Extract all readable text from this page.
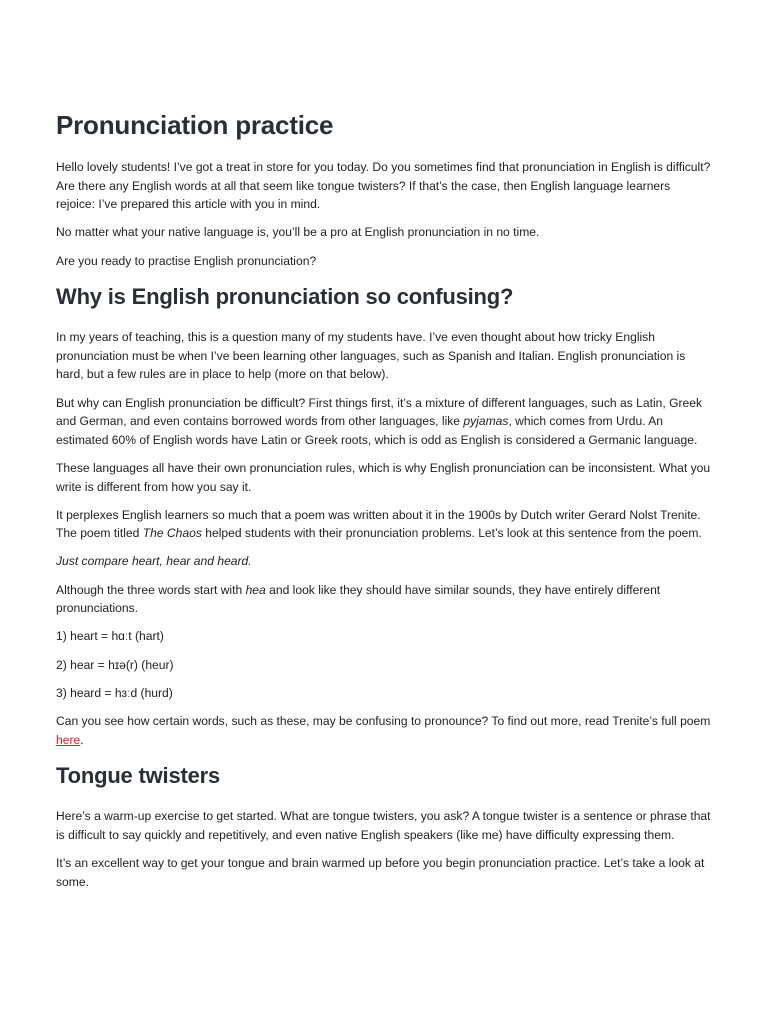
Pronunciation practice

Hello lovely students! I’ve got a treat in store for you today. Do you sometimes find that pronunciation in English is difficult? Are there any English words at all that seem like tongue twisters? If that’s the case, then English language learners rejoice: I’ve prepared this article with you in mind.

No matter what your native language is, you’ll be a pro at English pronunciation in no time.

Are you ready to practise English pronunciation?

Why is English pronunciation so confusing?

In my years of teaching, this is a question many of my students have. I’ve even thought about how tricky English pronunciation must be when I’ve been learning other languages, such as Spanish and Italian. English pronunciation is hard, but a few rules are in place to help (more on that below).

But why can English pronunciation be difficult? First things first, it’s a mixture of different languages, such as Latin, Greek and German, and even contains borrowed words from other languages, like pyjamas, which comes from Urdu. An estimated 60% of English words have Latin or Greek roots, which is odd as English is considered a Germanic language.

These languages all have their own pronunciation rules, which is why English pronunciation can be inconsistent. What you write is different from how you say it.

It perplexes English learners so much that a poem was written about it in the 1900s by Dutch writer Gerard Nolst Trenite. The poem titled The Chaos helped students with their pronunciation problems. Let’s look at this sentence from the poem.

Just compare heart, hear and heard.

Although the three words start with hea and look like they should have similar sounds, they have entirely different pronunciations.

1) heart = hɑːt (hart)

2) hear = hɪə(r) (heur)

3) heard = hɜːd (hurd)

Can you see how certain words, such as these, may be confusing to pronounce? To find out more, read Trenite’s full poem here.

Tongue twisters

Here’s a warm-up exercise to get started. What are tongue twisters, you ask? A tongue twister is a sentence or phrase that is difficult to say quickly and repetitively, and even native English speakers (like me) have difficulty expressing them.

It’s an excellent way to get your tongue and brain warmed up before you begin pronunciation practice. Let’s take a look at some.
